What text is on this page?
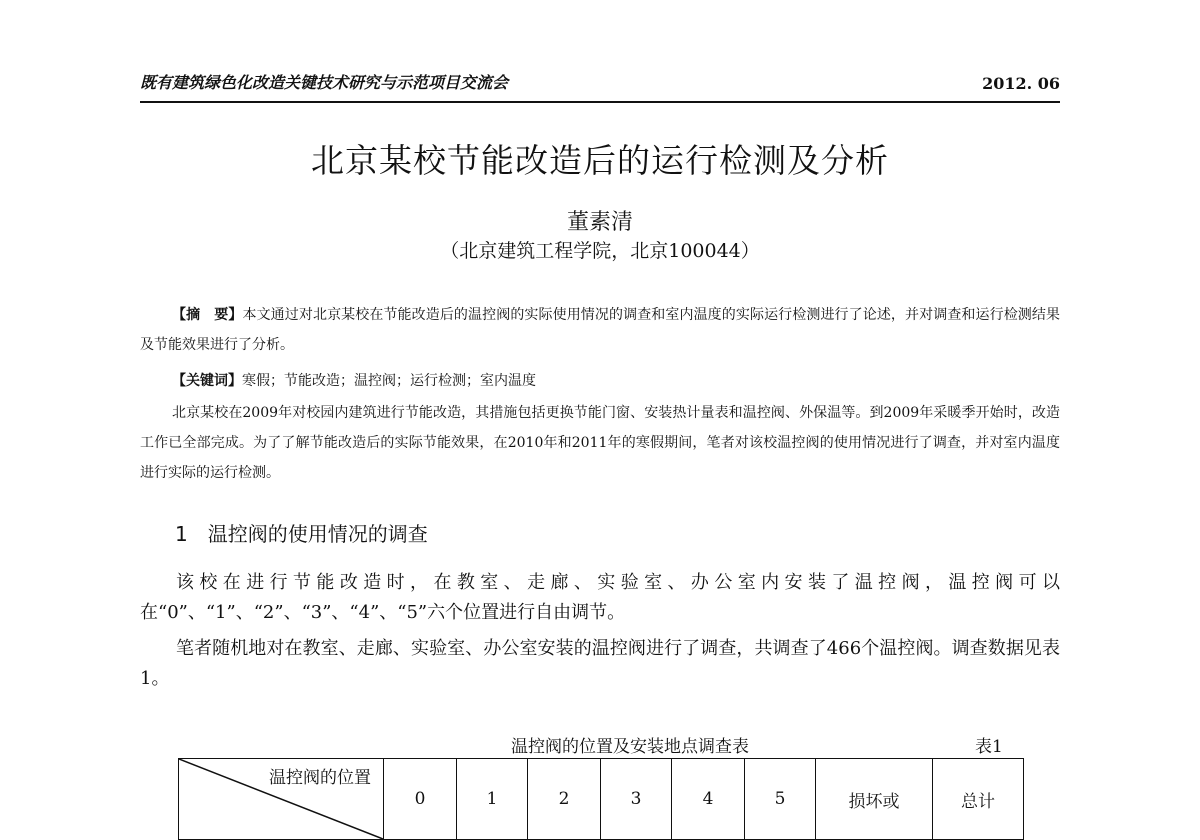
既有建筑绿色化改造关键技术研究与示范项目交流会	2012. 06
北京某校节能改造后的运行检测及分析
董素清
（北京建筑工程学院，北京100044）
【摘　要】本文通过对北京某校在节能改造后的温控阀的实际使用情况的调查和室内温度的实际运行检测进行了论述，并对调查和运行检测结果及节能效果进行了分析。
【关键词】寒假；节能改造；温控阀；运行检测；室内温度
北京某校在2009年对校园内建筑进行节能改造，其措施包括更换节能门窗、安装热计量表和温控阀、外保温等。到2009年采暖季开始时，改造工作已全部完成。为了了解节能改造后的实际节能效果，在2010年和2011年的寒假期间，笔者对该校温控阀的使用情况进行了调查，并对室内温度进行实际的运行检测。
1　温控阀的使用情况的调查
该校在进行节能改造时，在教室、走廊、实验室、办公室内安装了温控阀，温控阀可以在“0”、“1”、“2”、“3”、“4”、“5”六个位置进行自由调节。
笔者随机地对在教室、走廊、实验室、办公室安装的温控阀进行了调查，共调查了466个温控阀。调查数据见表1。
温控阀的位置及安装地点调查表	表1
温控阀的位置
	0	1	2	3	4	5	损坏或	总计
